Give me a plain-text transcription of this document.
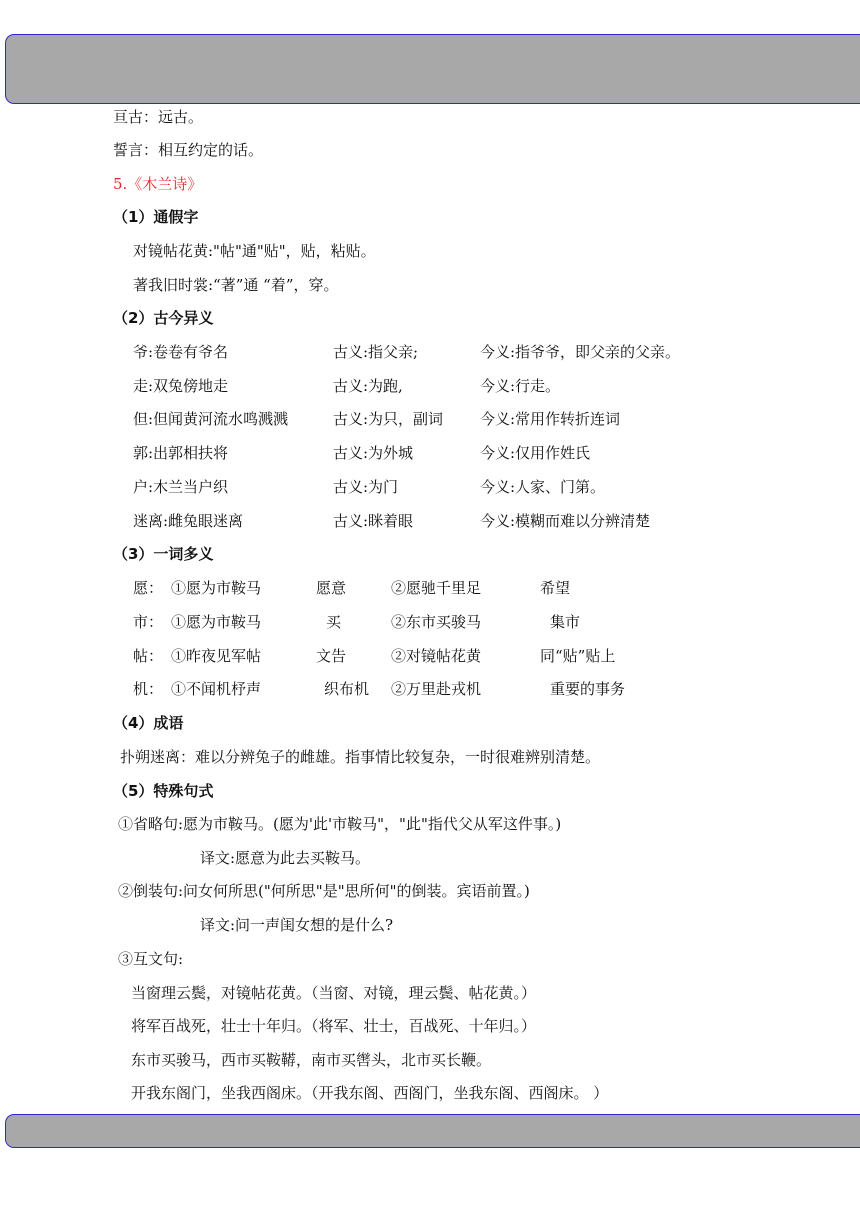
亘古：远古。
誓言：相互约定的话。
5.《木兰诗》
（1）通假字
对镜帖花黄:"帖"通"贴"，贴，粘贴。
著我旧时裳:“著”通 “着”，穿。
（2）古今异义
爷:卷卷有爷名	古义:指父亲;	今义:指爷爷，即父亲的父亲。
走:双兔傍地走	古义:为跑,	今义:行走。
但:但闻黄河流水鸣溅溅	古义:为只，副词 今义:常用作转折连词
郭:出郭相扶将	古义:为外城	今义:仅用作姓氏
户:木兰当户织	古义:为门	今义:人家、门第。
迷离:雌兔眼迷离	古义:眯着眼	今义:模糊而难以分辨清楚
（3）一词多义
愿： ①愿为市鞍马	愿意	②愿驰千里足	希望
市： ①愿为市鞍马	买	②东市买骏马	集市
帖： ①昨夜见军帖	文告	②对镜帖花黄	同“贴”贴上
机： ①不闻机杼声	织布机 ②万里赴戎机	重要的事务
（4）成语
扑朔迷离：难以分辨兔子的雌雄。指事情比较复杂，一时很难辨别清楚。
（5）特殊句式
①省略句:愿为市鞍马。(愿为'此'市鞍马"，"此"指代父从军这件事。)
译文:愿意为此去买鞍马。
②倒装句:问女何所思("何所思"是"思所何"的倒装。宾语前置。)
译文:问一声闺女想的是什么?
③互文句:
当窗理云鬓，对镜帖花黄。（当窗、对镜，理云鬓、帖花黄。）
将军百战死，壮士十年归。（将军、壮士，百战死、十年归。）
东市买骏马，西市买鞍鞯，南市买辔头，北市买长鞭。
开我东阁门，坐我西阁床。（开我东阁、西阁门，坐我东阁、西阁床。 ）
